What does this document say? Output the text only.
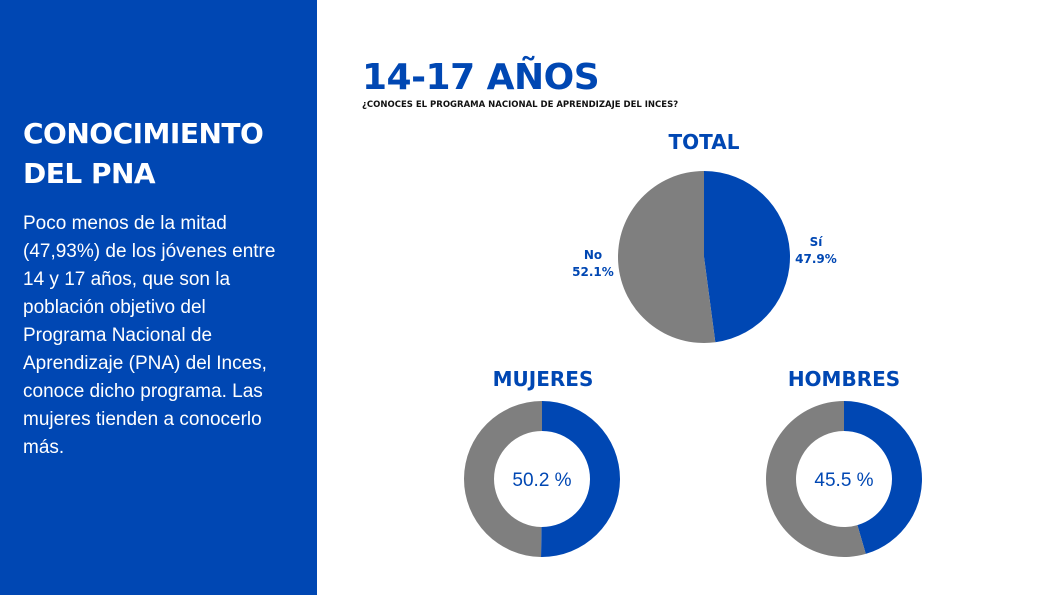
CONOCIMIENTO
DEL PNA
Poco menos de la mitad (47,93%) de los jóvenes entre 14 y 17 años, que son la población objetivo del Programa Nacional de Aprendizaje (PNA) del Inces, conoce dicho programa. Las mujeres tienden a conocerlo más.
14-17 AÑOS
¿CONOCES EL PROGRAMA NACIONAL DE APRENDIZAJE DEL INCES?
TOTAL
MUJERES	HOMBRES
Sí
47.9%
No
52.1%
50.2 %	45.5 %
